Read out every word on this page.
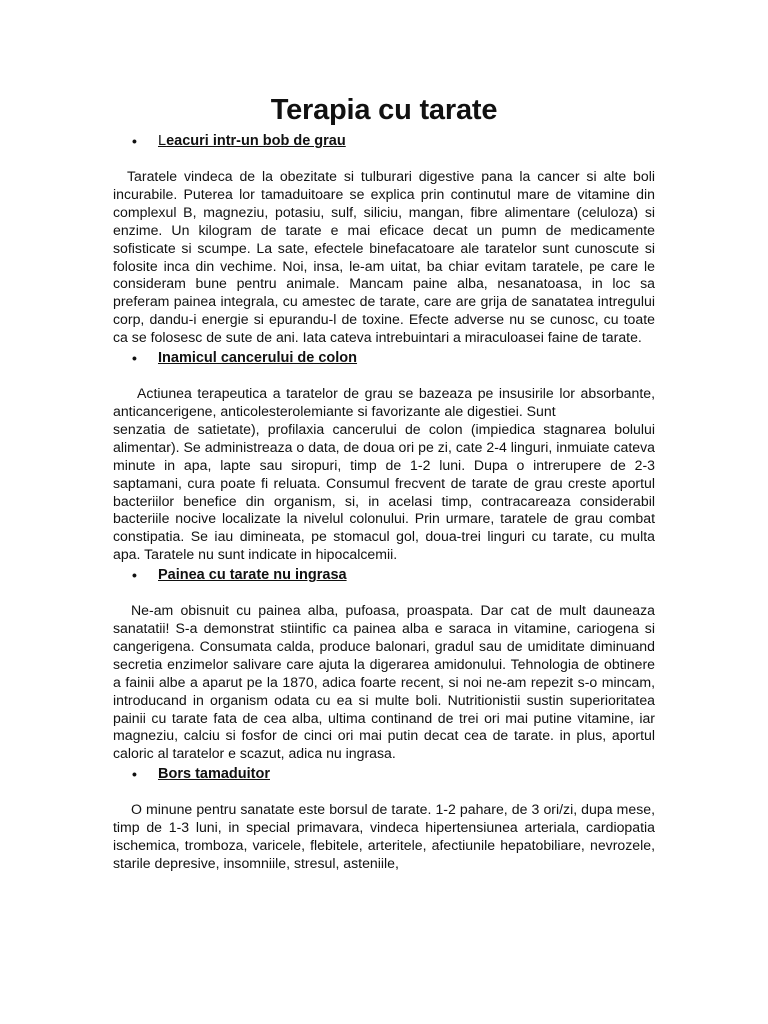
Terapia cu tarate
• Leacuri intr-un bob de grau

Taratele vindeca de la obezitate si tulburari digestive pana la cancer si alte boli incurabile. Puterea lor tamaduitoare se explica prin continutul mare de vitamine din complexul B, magneziu, potasiu, sulf, siliciu, mangan, fibre alimentare (celuloza) si enzime. Un kilogram de tarate e mai eficace decat un pumn de medicamente sofisticate si scumpe. La sate, efectele binefacatoare ale taratelor sunt cunoscute si folosite inca din vechime. Noi, insa, le-am uitat, ba chiar evitam taratele, pe care le consideram bune pentru animale. Mancam paine alba, nesanatoasa, in loc sa preferam painea integrala, cu amestec de tarate, care are grija de sanatatea intregului corp, dandu-i energie si epurandu-l de toxine. Efecte adverse nu se cunosc, cu toate ca se folosesc de sute de ani. Iata cateva intrebuintari a miraculoasei faine de tarate.

• Inamicul cancerului de colon

Actiunea terapeutica a taratelor de grau se bazeaza pe insusirile lor absorbante, anticancerigene, anticolesterolemiante si favorizante ale digestiei. Sunt

senzatia de satietate), profilaxia cancerului de colon (impiedica stagnarea bolului alimentar). Se administreaza o data, de doua ori pe zi, cate 2-4 linguri, inmuiate cateva minute in apa, lapte sau siropuri, timp de 1-2 luni. Dupa o intrerupere de 2-3 saptamani, cura poate fi reluata. Consumul frecvent de tarate de grau creste aportul bacteriilor benefice din organism, si, in acelasi timp, contracareaza considerabil bacteriile nocive localizate la nivelul colonului. Prin urmare, taratele de grau combat constipatia. Se iau dimineata, pe stomacul gol, doua-trei linguri cu tarate, cu multa apa. Taratele nu sunt indicate in hipocalcemii.

• Painea cu tarate nu ingrasa

Ne-am obisnuit cu painea alba, pufoasa, proaspata. Dar cat de mult dauneaza sanatatii! S-a demonstrat stiintific ca painea alba e saraca in vitamine, cariogena si cangerigena. Consumata calda, produce balonari, gradul sau de umiditate diminuand secretia enzimelor salivare care ajuta la digerarea amidonului. Tehnologia de obtinere a fainii albe a aparut pe la 1870, adica foarte recent, si noi ne-am repezit s-o mincam, introducand in organism odata cu ea si multe boli. Nutritionistii sustin superioritatea painii cu tarate fata de cea alba, ultima continand de trei ori mai putine vitamine, iar magneziu, calciu si fosfor de cinci ori mai putin decat cea de tarate. in plus, aportul caloric al taratelor e scazut, adica nu ingrasa.

• Bors tamaduitor

O minune pentru sanatate este borsul de tarate. 1-2 pahare, de 3 ori/zi, dupa mese, timp de 1-3 luni, in special primavara, vindeca hipertensiunea arteriala, cardiopatia ischemica, tromboza, varicele, flebitele, arteritele, afectiunile hepatobiliare, nevrozele, starile depresive, insomniile, stresul, asteniile,
